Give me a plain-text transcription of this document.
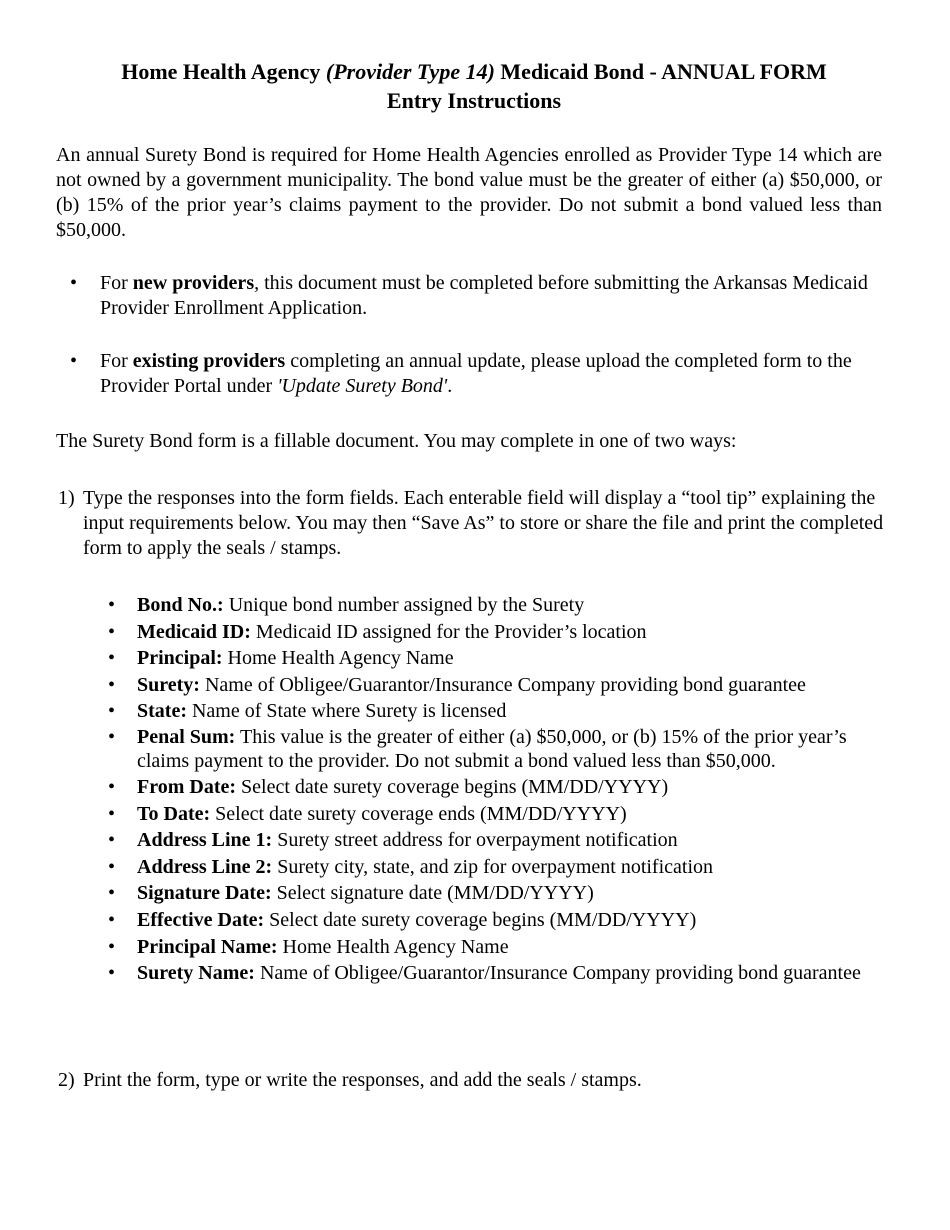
Home Health Agency (Provider Type 14) Medicaid Bond - ANNUAL FORM
Entry Instructions

An annual Surety Bond is required for Home Health Agencies enrolled as Provider Type 14 which are not owned by a government municipality. The bond value must be the greater of either (a) $50,000, or (b) 15% of the prior year’s claims payment to the provider. Do not submit a bond valued less than $50,000.

•	For new providers, this document must be completed before submitting the Arkansas Medicaid Provider Enrollment Application.
•	For existing providers completing an annual update, please upload the completed form to the Provider Portal under 'Update Surety Bond'.

The Surety Bond form is a fillable document. You may complete in one of two ways:

1) Type the responses into the form fields. Each enterable field will display a “tool tip” explaining the input requirements below. You may then “Save As” to store or share the file and print the completed form to apply the seals / stamps.
•	Bond No.: Unique bond number assigned by the Surety
•	Medicaid ID: Medicaid ID assigned for the Provider’s location
•	Principal: Home Health Agency Name
•	Surety: Name of Obligee/Guarantor/Insurance Company providing bond guarantee
•	State: Name of State where Surety is licensed
•	Penal Sum: This value is the greater of either (a) $50,000, or (b) 15% of the prior year’s claims payment to the provider. Do not submit a bond valued less than $50,000.
•	From Date: Select date surety coverage begins (MM/DD/YYYY)
•	To Date: Select date surety coverage ends (MM/DD/YYYY)
•	Address Line 1: Surety street address for overpayment notification
•	Address Line 2: Surety city, state, and zip for overpayment notification
•	Signature Date: Select signature date (MM/DD/YYYY)
•	Effective Date: Select date surety coverage begins (MM/DD/YYYY)
•	Principal Name: Home Health Agency Name
•	Surety Name: Name of Obligee/Guarantor/Insurance Company providing bond guarantee
2) Print the form, type or write the responses, and add the seals / stamps.
